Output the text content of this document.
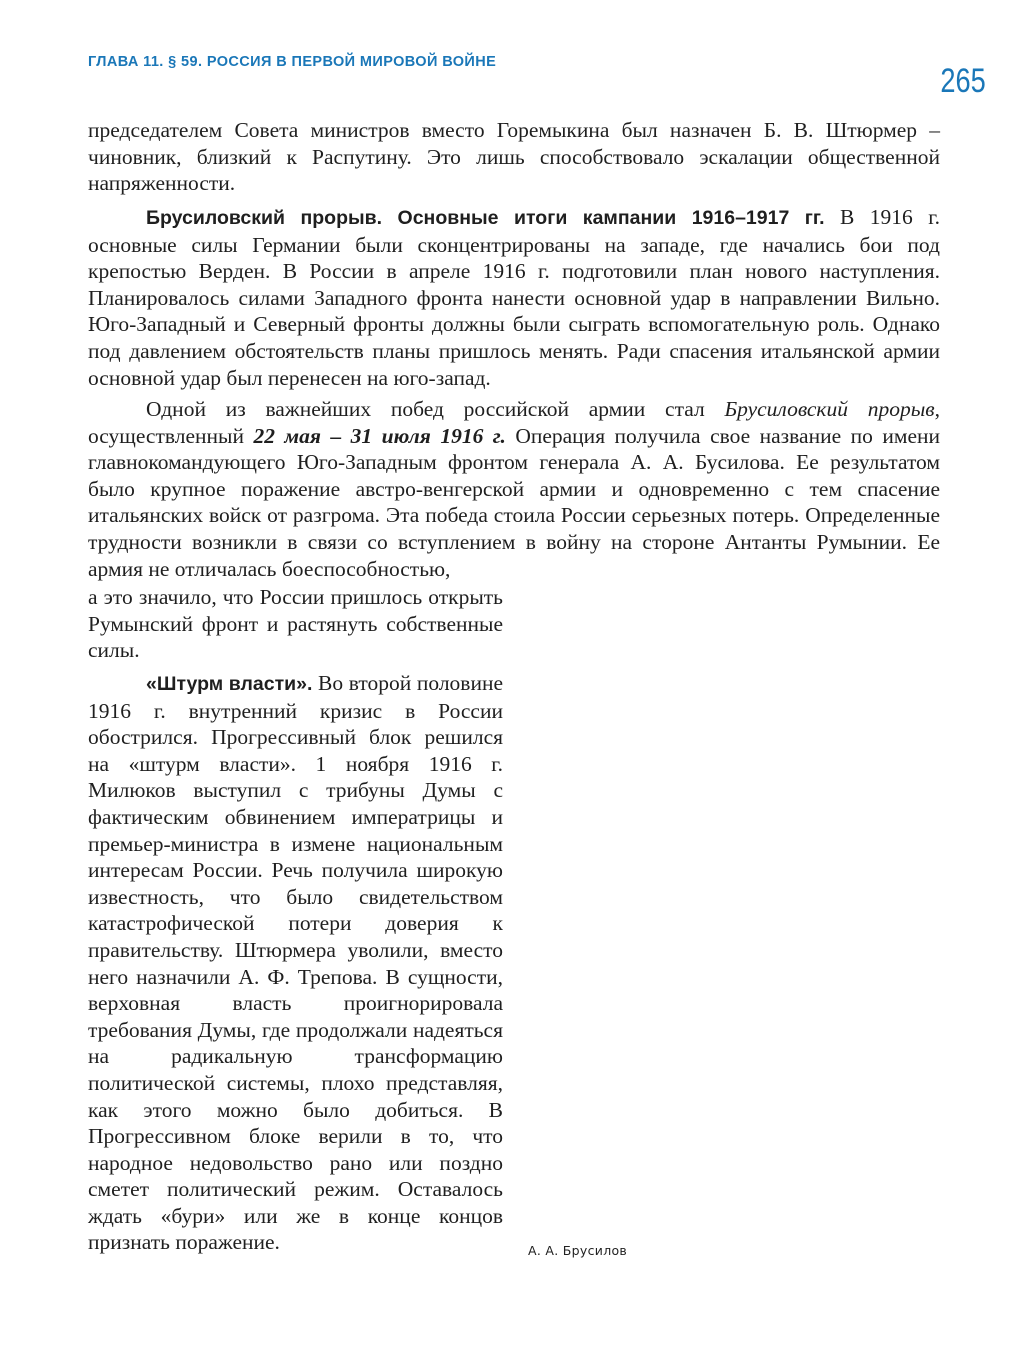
ГЛАВА 11. § 59. РОССИЯ В ПЕРВОЙ МИРОВОЙ ВОЙНЕ	265

председателем Совета министров вместо Горемыкина был назначен Б. В. Штюрмер – чиновник, близкий к Распутину. Это лишь способствовало эскалации общественной напряженности.

Брусиловский прорыв. Основные итоги кампании 1916–1917 гг. В 1916 г. основные силы Германии были сконцентрированы на западе, где начались бои под крепостью Верден. В России в апреле 1916 г. подготовили план нового наступления. Планировалось силами Западного фронта нанести основной удар в направлении Вильно. Юго-Западный и Северный фронты должны были сыграть вспомогательную роль. Однако под давлением обстоятельств планы пришлось менять. Ради спасения итальянской армии основной удар был перенесен на юго-запад.

Одной из важнейших побед российской армии стал Брусиловский прорыв, осуществленный 22 мая – 31 июля 1916 г. Операция получила свое название по имени главнокомандующего Юго-Западным фронтом генерала А. А. Бусилова. Ее результатом было крупное поражение австро-венгерской армии и одновременно с тем спасение итальянских войск от разгрома. Эта победа стоила России серьезных потерь. Определенные трудности возникли в связи со вступлением в войну на стороне Антанты Румынии. Ее армия не отличалась боеспособностью,

а это значило, что России пришлось открыть Румынский фронт и растянуть собственные силы.

«Штурм власти». Во второй половине 1916 г. внутренний кризис в России обострился. Прогрессивный блок решился на «штурм власти». 1 ноября 1916 г. Милюков выступил с трибуны Думы с фактическим обвинением императрицы и премьер-министра в измене национальным интересам России. Речь получила широкую известность, что было свидетельством катастрофической потери доверия к правительству. Штюрмера уволили, вместо него назначили А. Ф. Трепова. В сущности, верховная власть проигнорировала требования Думы, где продолжали надеяться на радикальную трансформацию политической системы, плохо представляя, как этого можно было добиться. В Прогрессивном блоке верили в то, что народное недовольство рано или поздно сметет политический режим. Оставалось ждать «бури» или же в конце концов признать поражение.	А. А. Брусилов
